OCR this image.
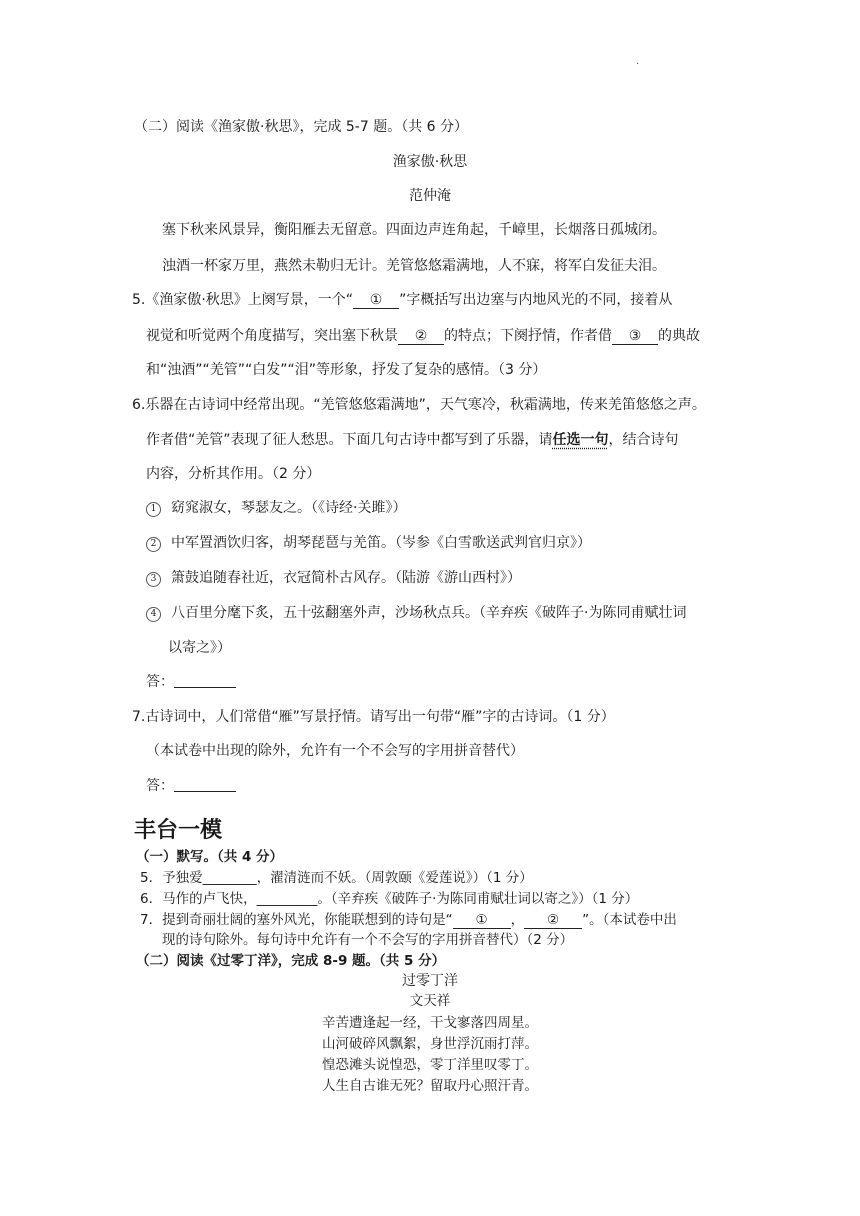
.
（二）阅读《渔家傲·秋思》，完成 5-7 题。（共 6 分）
渔家傲·秋思
范仲淹
塞下秋来风景异，衡阳雁去无留意。四面边声连角起，千嶂里，长烟落日孤城闭。
浊酒一杯家万里，燕然未勒归无计。羌管悠悠霜满地，人不寐，将军白发征夫泪。
5.《渔家傲·秋思》上阕写景，一个“ ① ”字概括写出边塞与内地风光的不同，接着从
视觉和听觉两个角度描写，突出塞下秋景 ② 的特点；下阕抒情，作者借 ③ 的典故
和“浊酒”“羌管”“白发”“泪”等形象，抒发了复杂的感情。（3 分）
6.乐器在古诗词中经常出现。“羌管悠悠霜满地”，天气寒冷，秋霜满地，传来羌笛悠悠之声。
作者借“羌管”表现了征人愁思。下面几句古诗中都写到了乐器，请任选一句，结合诗句
内容，分析其作用。（2 分）
1 窈窕淑女，琴瑟友之。（《诗经·关雎》）
2 中军置酒饮归客，胡琴琵琶与羌笛。（岑参《白雪歌送武判官归京》）
3 箫鼓追随春社近，衣冠简朴古风存。（陆游《游山西村》）
4 八百里分麾下炙，五十弦翻塞外声，沙场秋点兵。（辛弃疾《破阵子·为陈同甫赋壮词
以寄之》）
答：
7.古诗词中，人们常借“雁”写景抒情。请写出一句带“雁”字的古诗词。（1 分）
（本试卷中出现的除外，允许有一个不会写的字用拼音替代）
答：
丰台一模
（一）默写。（共 4 分）
5．予独爱________，濯清涟而不妖。（周敦颐《爱莲说》）（1 分）
6．马作的卢飞快，_________。（辛弃疾《破阵子·为陈同甫赋壮词以寄之》）（1 分）
7．提到奇丽壮阔的塞外风光，你能联想到的诗句是“ ① ， ② ”。（本试卷中出
现的诗句除外。每句诗中允许有一个不会写的字用拼音替代）（2 分）
（二）阅读《过零丁洋》，完成 8-9 题。（共 5 分）
过零丁洋
文天祥
辛苦遭逢起一经，干戈寥落四周星。
山河破碎风飘絮，身世浮沉雨打萍。
惶恐滩头说惶恐，零丁洋里叹零丁。
人生自古谁无死？留取丹心照汗青。
